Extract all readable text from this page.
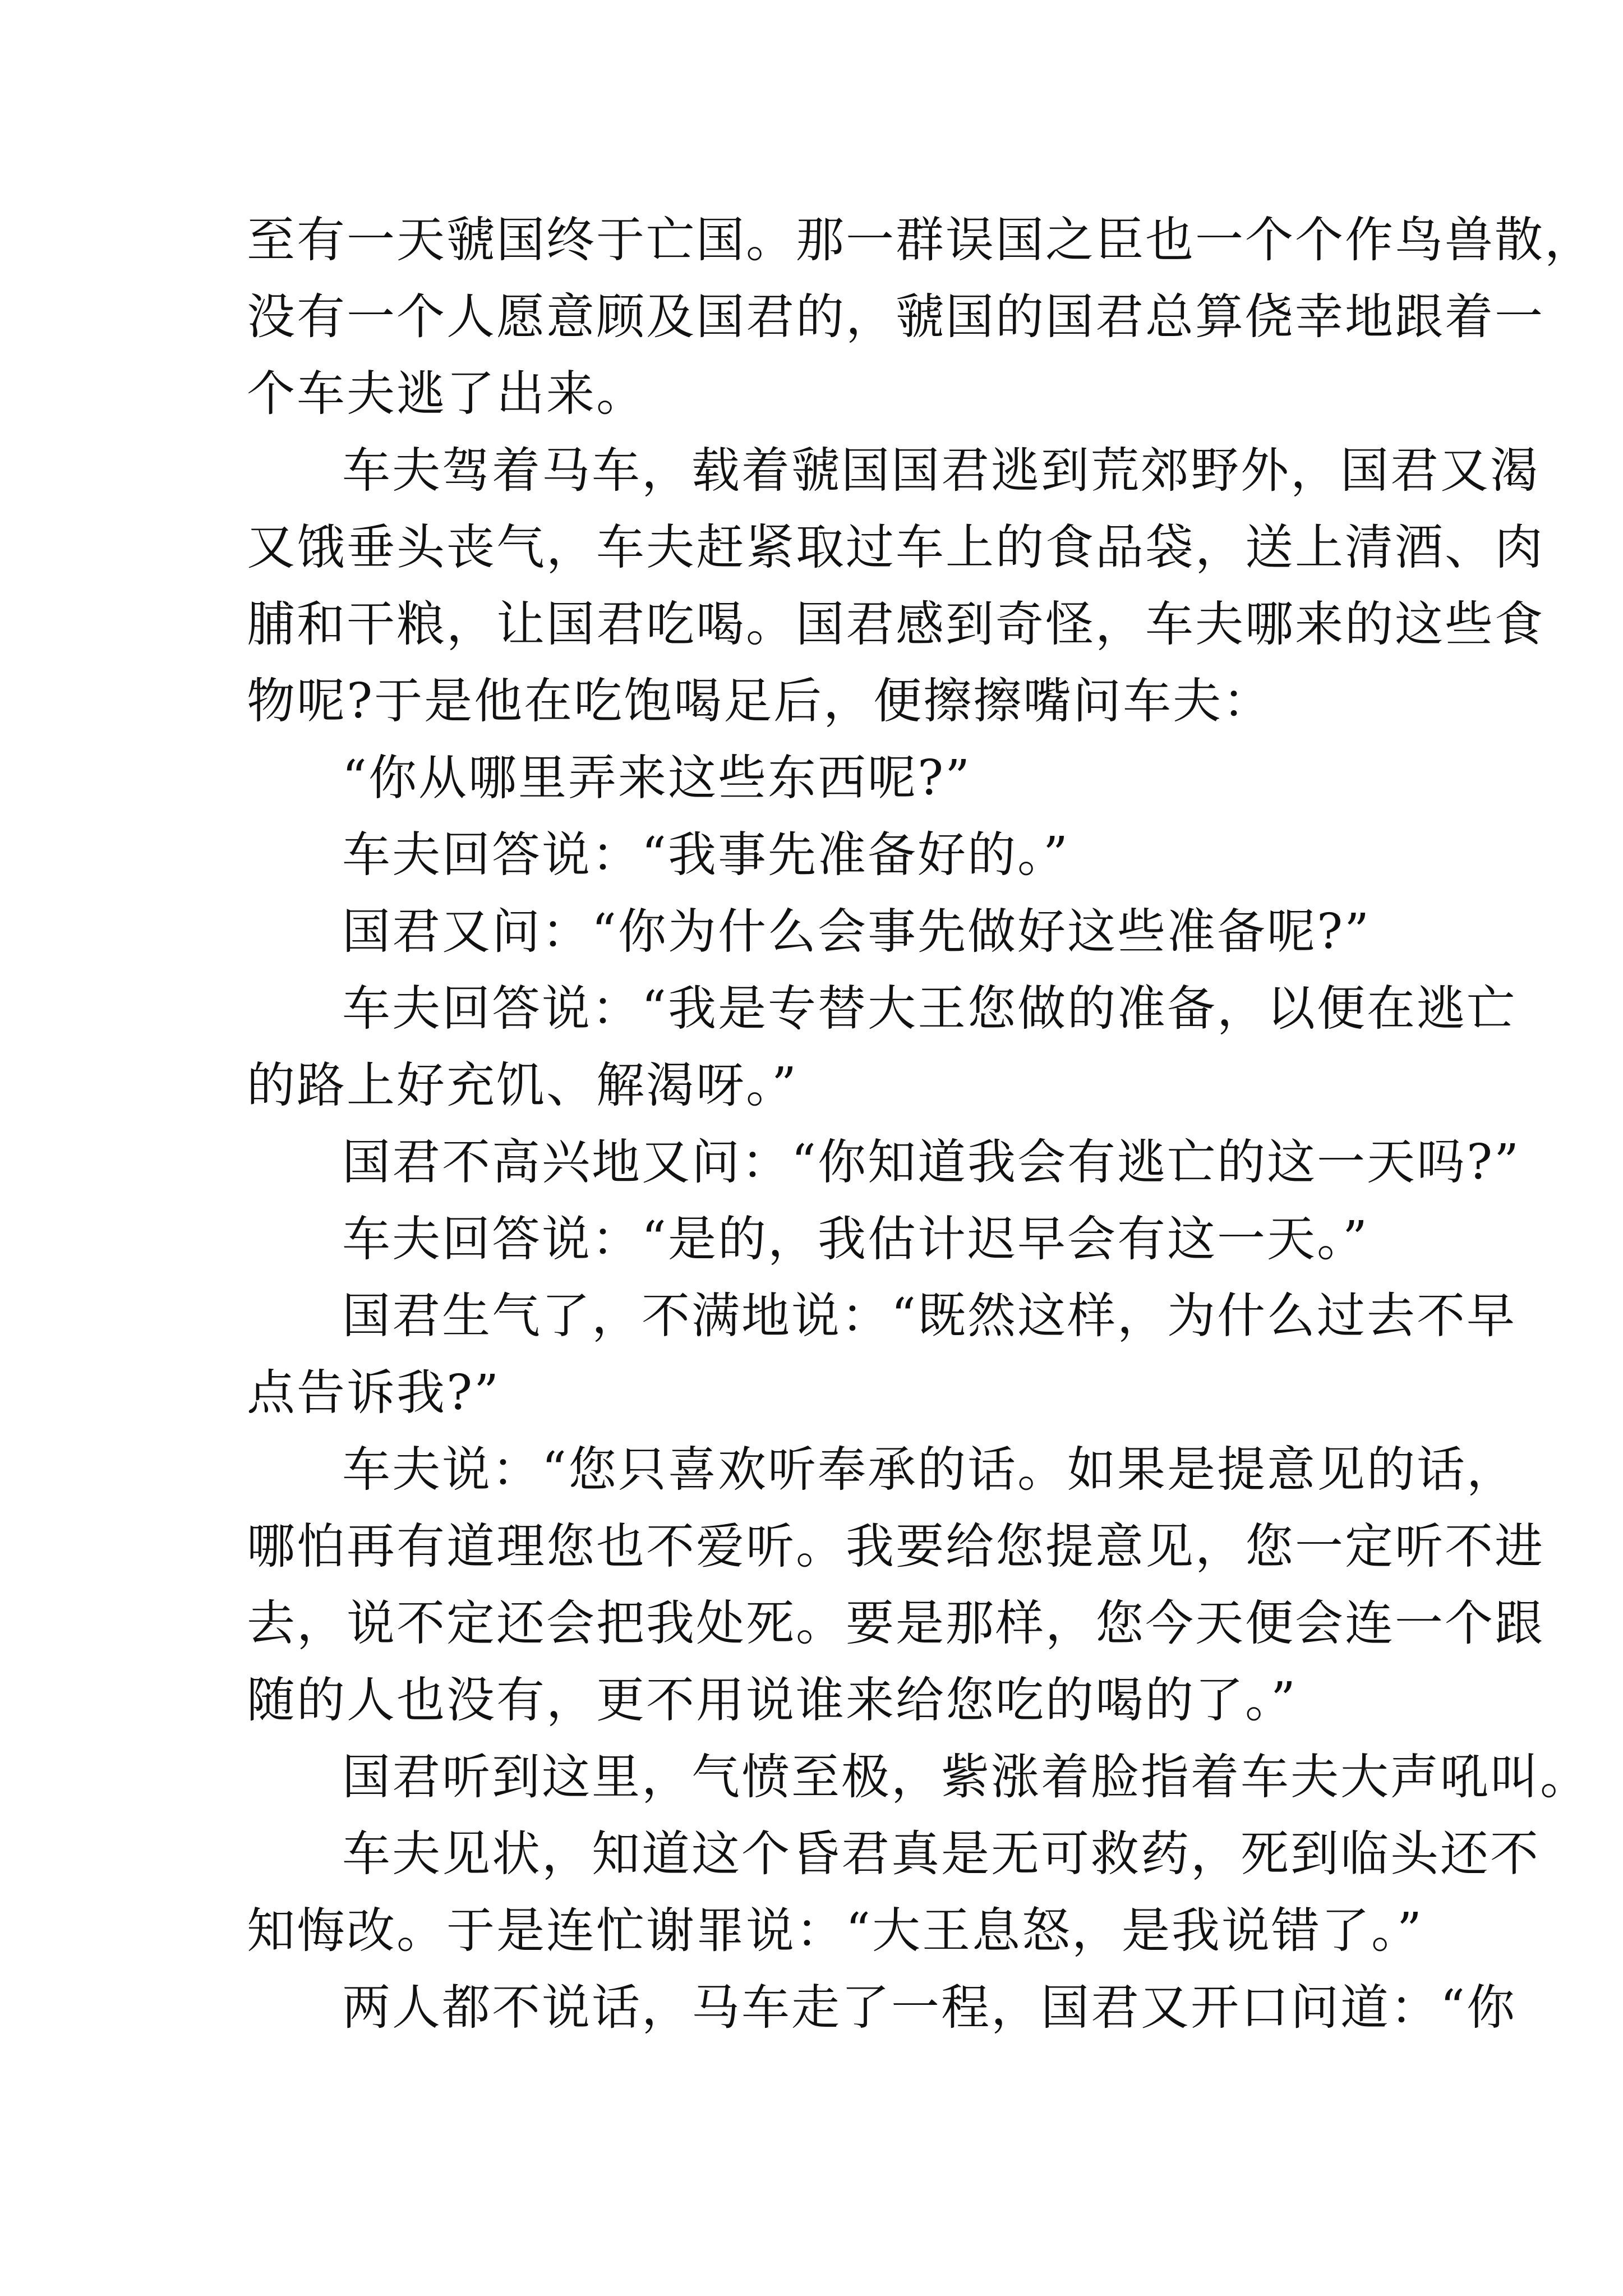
至有一天虢国终于亡国。那一群误国之臣也一个个作鸟兽散，
没有一个人愿意顾及国君的，虢国的国君总算侥幸地跟着一
个车夫逃了出来。
车夫驾着马车，载着虢国国君逃到荒郊野外，国君又渴
又饿垂头丧气，车夫赶紧取过车上的食品袋，送上清酒、肉
脯和干粮，让国君吃喝。国君感到奇怪，车夫哪来的这些食
物呢?于是他在吃饱喝足后，便擦擦嘴问车夫：
“你从哪里弄来这些东西呢?”
车夫回答说：“我事先准备好的。”
国君又问：“你为什么会事先做好这些准备呢?”
车夫回答说：“我是专替大王您做的准备，以便在逃亡
的路上好充饥、解渴呀。”
国君不高兴地又问：“你知道我会有逃亡的这一天吗?”
车夫回答说：“是的，我估计迟早会有这一天。”
国君生气了，不满地说：“既然这样，为什么过去不早
点告诉我?”
车夫说：“您只喜欢听奉承的话。如果是提意见的话，
哪怕再有道理您也不爱听。我要给您提意见，您一定听不进
去，说不定还会把我处死。要是那样，您今天便会连一个跟
随的人也没有，更不用说谁来给您吃的喝的了。”
国君听到这里，气愤至极，紫涨着脸指着车夫大声吼叫。
车夫见状，知道这个昏君真是无可救药，死到临头还不
知悔改。于是连忙谢罪说：“大王息怒，是我说错了。”
两人都不说话，马车走了一程，国君又开口问道：“你
